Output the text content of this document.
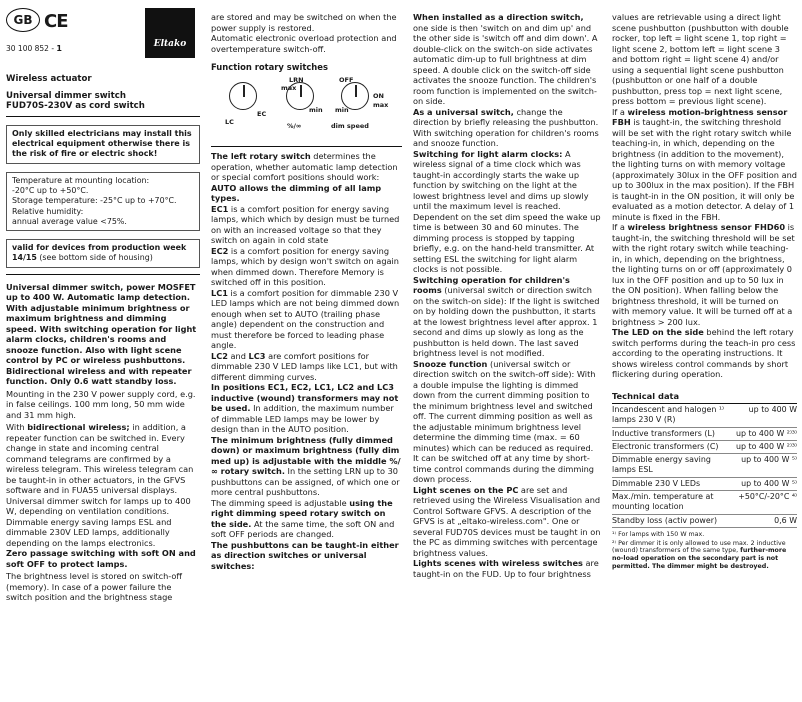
GB CE
30 100 852 - 1	Eltako
Wireless actuator
Universal dimmer switch
FUD70S-230V as cord switch
Only skilled electricians may install this electrical equipment otherwise there is the risk of fire or electric shock!

Temperature at mounting location:

-20°C up to +50°C.

Storage temperature: -25°C up to +70°C.

Relative humidity:

annual average value <75%.

valid for devices from production week 14/15 (see bottom side of housing)

Universal dimmer switch, power MOSFET up to 400 W. Automatic lamp detection. With adjustable minimum brightness or maximum brightness and dimming speed. With switching operation for light alarm clocks, children's rooms and snooze function. Also with light scene control by PC or wireless pushbuttons. Bidirectional wireless and with repeater function. Only 0.6 watt standby loss.

Mounting in the 230 V power supply cord, e.g. in false ceilings. 100 mm long, 50 mm wide and 31 mm high.

With bidirectional wireless; in addition, a repeater function can be switched in. Every change in state and incoming central command telegrams are confirmed by a wireless telegram. This wireless telegram can be taught-in in other actuators, in the GFVS software and in FUA55 universal displays.

Universal dimmer switch for lamps up to 400 W, depending on ventilation conditions. Dimmable energy saving lamps ESL and dimmable 230V LED lamps, additionally depending on the lamps electronics.

Zero passage switching with soft ON and soft OFF to protect lamps.

The brightness level is stored on switch-off (memory). In case of a power failure the switch position and the brightness stage

are stored and may be switched on when the power supply is restored.

Automatic electronic overload protection and overtemperature switch-off.

Function rotary switches
LC
EC	min
max
LRN	OFF
ON
max
min
dim speed
%/∞

The left rotary switch determines the operation, whether automatic lamp detection or special comfort positions should work:

AUTO allows the dimming of all lamp types.

EC1 is a comfort position for energy saving lamps, which which by design must be turned on with an increased voltage so that they switch on again in cold state

EC2 is a comfort position for energy saving lamps, which by design won't switch on again when dimmed down. Therefore Memory is switched off in this position.

LC1 is a comfort position for dimmable 230 V LED lamps which are not being dimmed down enough when set to AUTO (trailing phase angle) dependent on the construction and must therefore be forced to leading phase angle.

LC2 and LC3 are comfort positions for dimmable 230 V LED lamps like LC1, but with different dimming curves.

In positions EC1, EC2, LC1, LC2 and LC3 inductive (wound) transformers may not be used. In addition, the maximum number of dimmable LED lamps may be lower by design than in the AUTO position.

The minimum brightness (fully dimmed down) or maximum brightness (fully dim med up) is adjustable with the middle %/∞ rotary switch. In the setting LRN up to 30 pushbuttons can be assigned, of which one or more central pushbuttons.

The dimming speed is adjustable using the right dimming speed rotary switch on the side. At the same time, the soft ON and soft OFF periods are changed.

The pushbuttons can be taught-in either as direction switches or universal switches:

When installed as a direction switch, one side is then 'switch on and dim up' and the other side is 'switch off and dim down'. A double-click on the switch-on side activates automatic dim-up to full brightness at dim speed. A double click on the switch-off side activates the snooze function. The children's room function is implemented on the switch-on side.

As a universal switch, change the direction by briefly releasing the pushbutton. With switching operation for children's rooms and snooze function.

Switching for light alarm clocks: A wireless signal of a time clock which was taught-in accordingly starts the wake up function by switching on the light at the lowest brightness level and dims up slowly until the maximum level is reached. Dependent on the set dim speed the wake up time is between 30 and 60 minutes. The dimming process is stopped by tapping briefly, e.g. on the hand-held transmitter. At setting ESL the switching for light alarm clocks is not possible.

Switching operation for children's rooms (universal switch or direction switch on the switch-on side): If the light is switched on by holding down the pushbutton, it starts at the lowest brightness level after approx. 1 second and dims up slowly as long as the pushbutton is held down. The last saved brightness level is not modified.

Snooze function (universal switch or direction switch on the switch-off side): With a double impulse the lighting is dimmed down from the current dimming position to the minimum brightness level and switched off. The current dimming position as well as the adjustable minimum brightness level determine the dimming time (max. = 60 minutes) which can be reduced as required. It can be switched off at any time by short-time control commands during the dimming down process.

Light scenes on the PC are set and retrieved using the Wireless Visualisation and Control Software GFVS. A description of the GFVS is at „eltako-wireless.com". One or several FUD70S devices must be taught in on the PC as dimming switches with percentage brightness values.

Lights scenes with wireless switches are taught-in on the FUD. Up to four brightness

values are retrievable using a direct light scene pushbutton (pushbutton with double rocker, top left = light scene 1, top right = light scene 2, bottom left = light scene 3 and bottom right = light scene 4) and/or using a sequential light scene pushbutton (pushbutton or one half of a double pushbutton, press top = next light scene, press bottom = previous light scene).

If a wireless motion-brightness sensor FBH is taught-in, the switching threshold will be set with the right rotary switch while teaching-in, in which, depending on the brightness (in addition to the movement), the lighting turns on with memory voltage (approximately 30lux in the OFF position and up to 300lux in the max position). If the FBH is taught-in in the ON position, it will only be evaluated as a motion detector. A delay of 1 minute is fixed in the FBH.

If a wireless brightness sensor FHD60 is taught-in, the switching threshold will be set with the right rotary switch while teaching-in, in which, depending on the brightness, the lighting turns on or off (approximately 0 lux in the OFF position and up to 50 lux in the ON position). When falling below the brightness threshold, it will be turned on with memory value. It will be turned off at a brightness > 200 lux.

The LED on the side behind the left rotary switch performs during the teach-in pro cess according to the operating instructions. It shows wireless control commands by short flickering during operation.

Technical data
Incandescent and halogen ¹⁾ lamps 230 V (R)
up to 400 W
Inductive transformers (L)	up to 400 W ²⁾³⁾
Electronic transformers (C)	up to 400 W ²⁾³⁾
Dimmable energy saving lamps ESL
up to 400 W ⁵⁾
Dimmable 230 V LEDs	up to 400 W ⁵⁾
Max./min. temperature at mounting location
+50°C/-20°C ⁴⁾
Standby loss (activ power)	0,6 W
¹⁾ For lamps with 150 W max.
²⁾ Per dimmer it is only allowed to use max. 2 inductive (wound) transformers of the same type, further-more no-load operation on the secondary part is not permitted. The dimmer might be destroyed.
